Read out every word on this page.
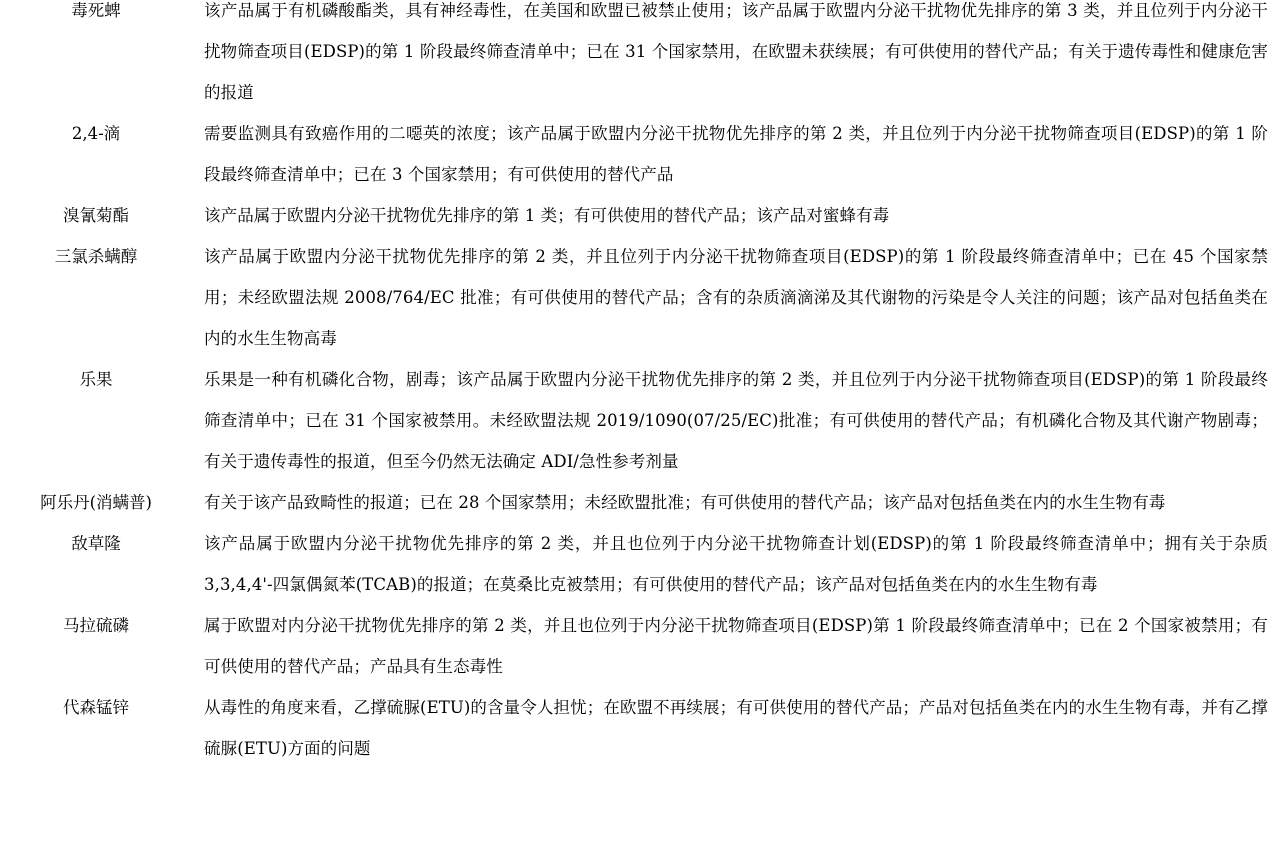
毒死蜱	该产品属于有机磷酸酯类，具有神经毒性，在美国和欧盟已被禁止使用；该产品属于欧盟内分泌干扰物优先排序的第 3 类，并且位列于内分泌干扰物筛查项目(EDSP)的第 1 阶段最终筛查清单中；已在 31 个国家禁用，在欧盟未获续展；有可供使用的替代产品；有关于遗传毒性和健康危害的报道
2,4-滴	需要监测具有致癌作用的二噁英的浓度；该产品属于欧盟内分泌干扰物优先排序的第 2 类，并且位列于内分泌干扰物筛查项目(EDSP)的第 1 阶段最终筛查清单中；已在 3 个国家禁用；有可供使用的替代产品
溴氰菊酯	该产品属于欧盟内分泌干扰物优先排序的第 1 类；有可供使用的替代产品；该产品对蜜蜂有毒
三氯杀螨醇	该产品属于欧盟内分泌干扰物优先排序的第 2 类，并且位列于内分泌干扰物筛查项目(EDSP)的第 1 阶段最终筛查清单中；已在 45 个国家禁用；未经欧盟法规 2008/764/EC 批准；有可供使用的替代产品；含有的杂质滴滴涕及其代谢物的污染是令人关注的问题；该产品对包括鱼类在内的水生生物高毒
乐果	乐果是一种有机磷化合物，剧毒；该产品属于欧盟内分泌干扰物优先排序的第 2 类，并且位列于内分泌干扰物筛查项目(EDSP)的第 1 阶段最终筛查清单中；已在 31 个国家被禁用。未经欧盟法规 2019/1090(07/25/EC)批准；有可供使用的替代产品；有机磷化合物及其代谢产物剧毒；有关于遗传毒性的报道，但至今仍然无法确定 ADI/急性参考剂量
阿乐丹(消螨普)	有关于该产品致畸性的报道；已在 28 个国家禁用；未经欧盟批准；有可供使用的替代产品；该产品对包括鱼类在内的水生生物有毒
敌草隆	该产品属于欧盟内分泌干扰物优先排序的第 2 类，并且也位列于内分泌干扰物筛查计划(EDSP)的第 1 阶段最终筛查清单中；拥有关于杂质 3,3,4,4'-四氯偶氮苯(TCAB)的报道；在莫桑比克被禁用；有可供使用的替代产品；该产品对包括鱼类在内的水生生物有毒
马拉硫磷	属于欧盟对内分泌干扰物优先排序的第 2 类，并且也位列于内分泌干扰物筛查项目(EDSP)第 1 阶段最终筛查清单中；已在 2 个国家被禁用；有可供使用的替代产品；产品具有生态毒性
代森锰锌	从毒性的角度来看，乙撑硫脲(ETU)的含量令人担忧；在欧盟不再续展；有可供使用的替代产品；产品对包括鱼类在内的水生生物有毒，并有乙撑硫脲(ETU)方面的问题
